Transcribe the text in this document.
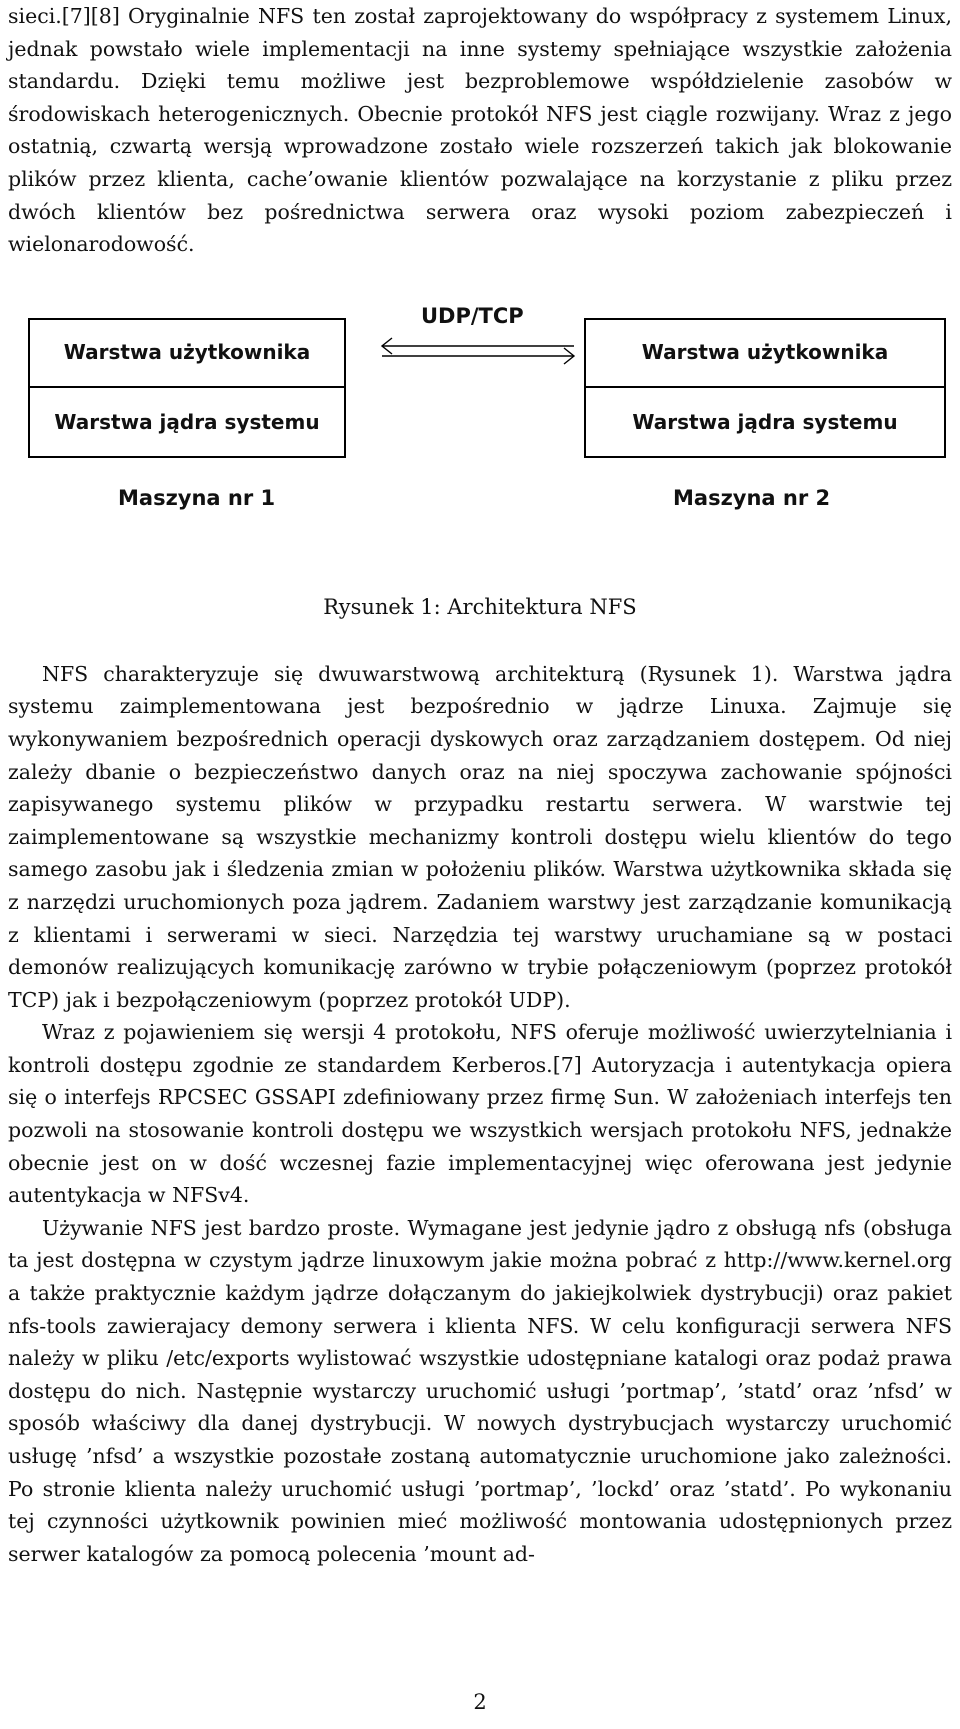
sieci.[7][8] Oryginalnie NFS ten został zaprojektowany do współpracy z systemem Linux, jednak powstało wiele implementacji na inne systemy spełniające wszystkie założenia standardu. Dzięki temu możliwe jest bezproblemowe współdzielenie zasobów w środowiskach heterogenicznych. Obecnie protokół NFS jest ciągle rozwijany. Wraz z jego ostatnią, czwartą wersją wprowadzone zostało wiele rozszerzeń takich jak blokowanie plików przez klienta, cache’owanie klientów pozwalające na korzystanie z pliku przez dwóch klientów bez pośrednictwa serwera oraz wysoki poziom zabezpieczeń i wielonarodowość.

Warstwa użytkownika
Warstwa jądra systemu
Warstwa użytkownika
Warstwa jądra systemu
UDP/TCP
Maszyna nr 1	Maszyna nr 2
Rysunek 1: Architektura NFS

NFS charakteryzuje się dwuwarstwową architekturą (Rysunek 1). Warstwa jądra systemu zaimplementowana jest bezpośrednio w jądrze Linuxa. Zajmuje się wykonywaniem bezpośrednich operacji dyskowych oraz zarządzaniem dostępem. Od niej zależy dbanie o bezpieczeństwo danych oraz na niej spoczywa zachowanie spójności zapisywanego systemu plików w przypadku restartu serwera. W warstwie tej zaimplementowane są wszystkie mechanizmy kontroli dostępu wielu klientów do tego samego zasobu jak i śledzenia zmian w położeniu plików. Warstwa użytkownika składa się z narzędzi uruchomionych poza jądrem. Zadaniem warstwy jest zarządzanie komunikacją z klientami i serwerami w sieci. Narzędzia tej warstwy uruchamiane są w postaci demonów realizujących komunikację zarówno w trybie połączeniowym (poprzez protokół TCP) jak i bezpołączeniowym (poprzez protokół UDP).

Wraz z pojawieniem się wersji 4 protokołu, NFS oferuje możliwość uwierzytelniania i kontroli dostępu zgodnie ze standardem Kerberos.[7] Autoryzacja i autentykacja opiera się o interfejs RPCSEC GSSAPI zdefiniowany przez firmę Sun. W założeniach interfejs ten pozwoli na stosowanie kontroli dostępu we wszystkich wersjach protokołu NFS, jednakże obecnie jest on w dość wczesnej fazie implementacyjnej więc oferowana jest jedynie autentykacja w NFSv4.

Używanie NFS jest bardzo proste. Wymagane jest jedynie jądro z obsługą nfs (obsługa ta jest dostępna w czystym jądrze linuxowym jakie można pobrać z http://www.kernel.org a także praktycznie każdym jądrze dołączanym do jakiejkolwiek dystrybucji) oraz pakiet nfs-tools zawierajacy demony serwera i klienta NFS. W celu konfiguracji serwera NFS należy w pliku /etc/exports wylistować wszystkie udostępniane katalogi oraz podaż prawa dostępu do nich. Następnie wystarczy uruchomić usługi ’portmap’, ’statd’ oraz ’nfsd’ w sposób właściwy dla danej dystrybucji. W nowych dystrybucjach wystarczy uruchomić usługę ’nfsd’ a wszystkie pozostałe zostaną automatycznie uruchomione jako zależności. Po stronie klienta należy uruchomić usługi ’portmap’, ’lockd’ oraz ’statd’. Po wykonaniu tej czynności użytkownik powinien mieć możliwość montowania udostępnionych przez serwer katalogów za pomocą polecenia ’mount ad-

2
